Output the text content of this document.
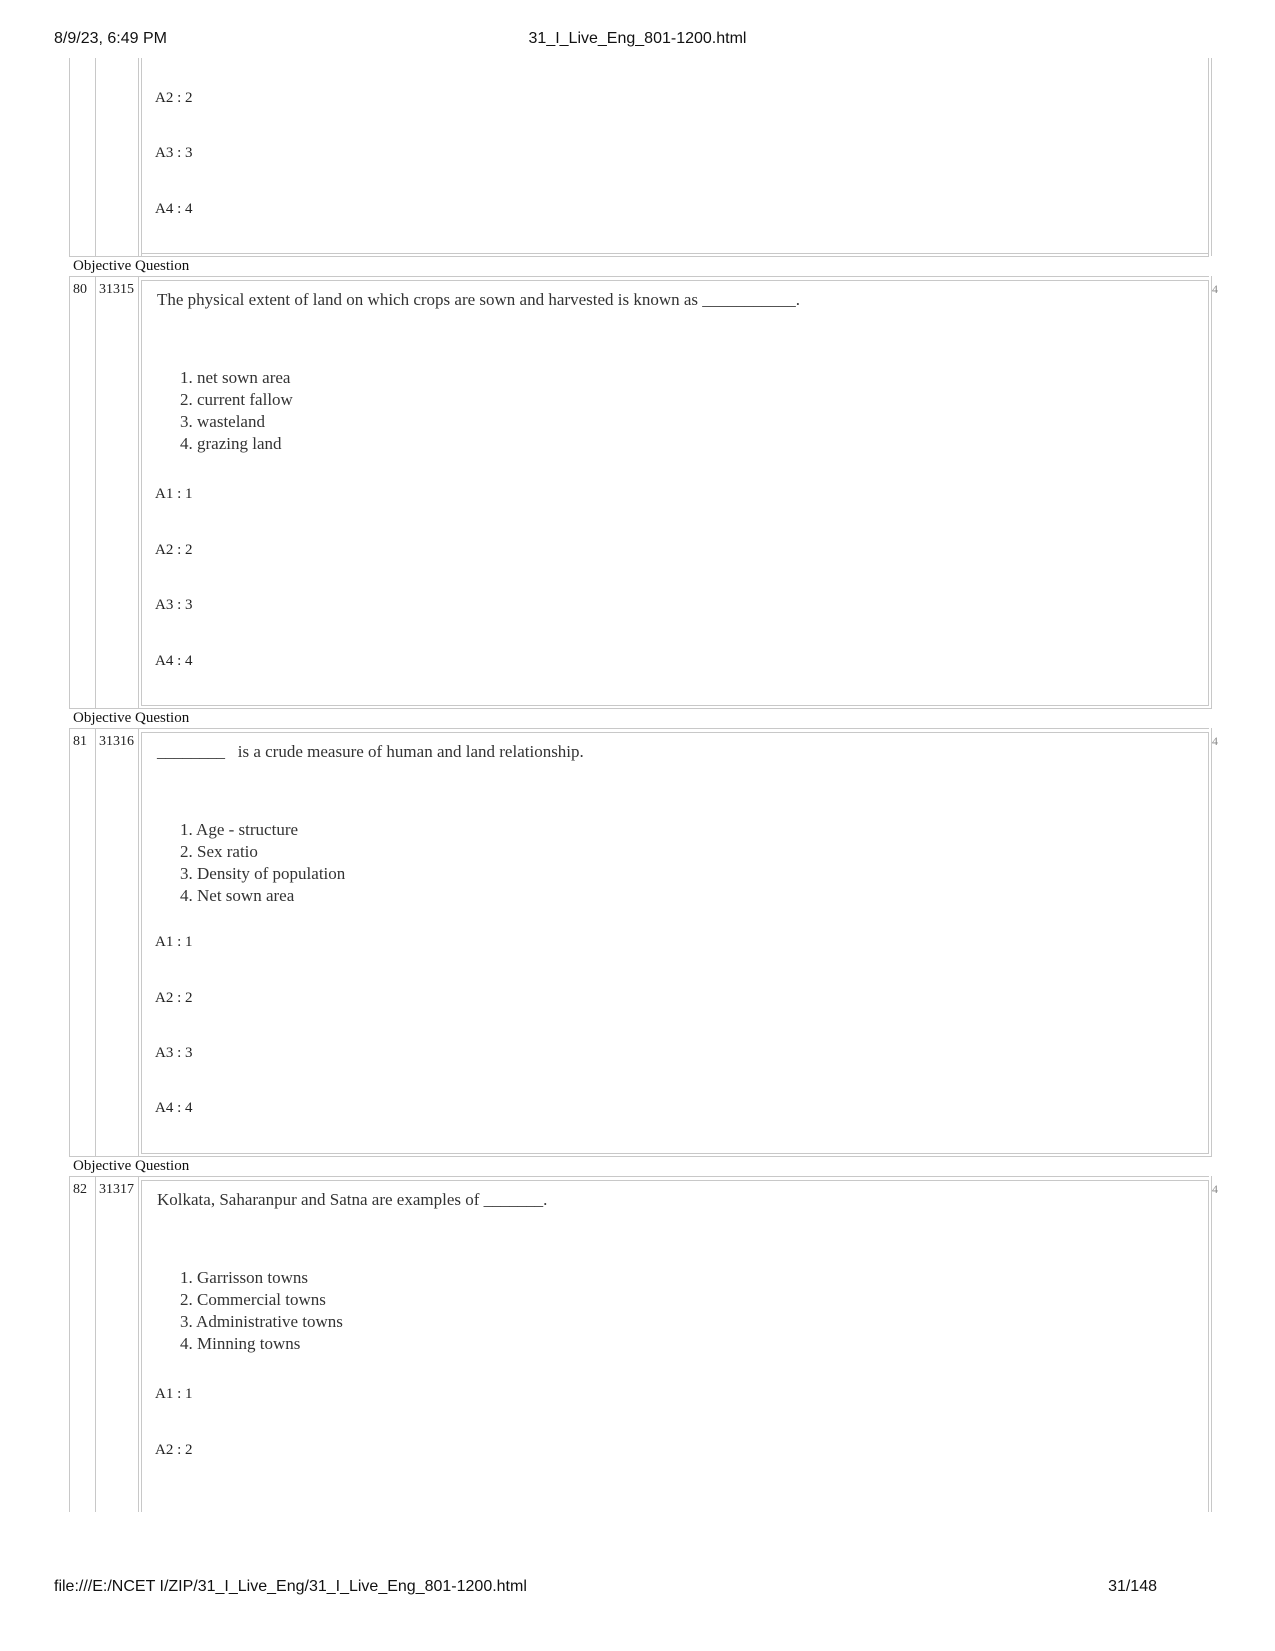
8/9/23, 6:49 PM	31_I_Live_Eng_801-1200.html
A2 : 2
A3 : 3
A4 : 4
Objective Question
80 31315	4
The physical extent of land on which crops are sown and harvested is known as ___________.
1. net sown area
2. current fallow
3. wasteland
4. grazing land
A1 : 1
A2 : 2
A3 : 3
A4 : 4
Objective Question
81 31316	4
________   is a crude measure of human and land relationship.
1. Age - structure
2. Sex ratio
3. Density of population
4. Net sown area
A1 : 1
A2 : 2
A3 : 3
A4 : 4
Objective Question
82 31317	4
Kolkata, Saharanpur and Satna are examples of _______.
1. Garrisson towns
2. Commercial towns
3. Administrative towns
4. Minning towns
A1 : 1
A2 : 2
file:///E:/NCET I/ZIP/31_I_Live_Eng/31_I_Live_Eng_801-1200.html	31/148
